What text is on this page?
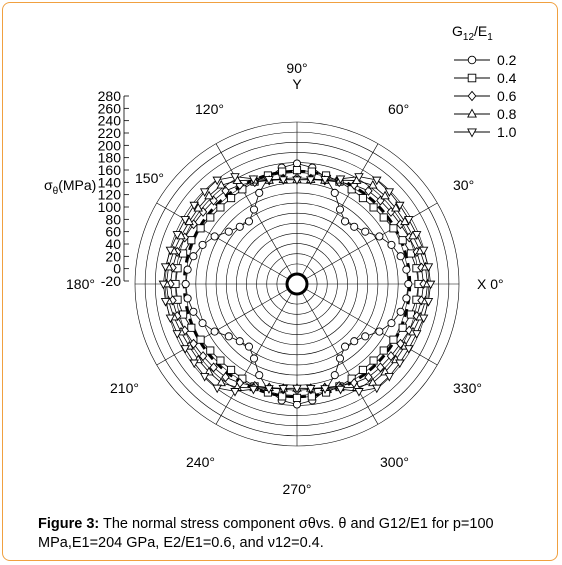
280
260
240
220
200
180
160
140
120
100
80
60
40
20
0
-20
$\sigma_\theta(MPa)$
X 0°
30°
60°
90°
120°
150°
180°
210°
240°
270°
300°
330°
Y
$G_{12}/E_1$
0.2
0.4
0.6
0.8
1.0
Figure 3: The normal stress component σθvs. θ and G12/E1 for p=100 MPa,E1=204 GPa, E2/E1=0.6, and ν12=0.4.
